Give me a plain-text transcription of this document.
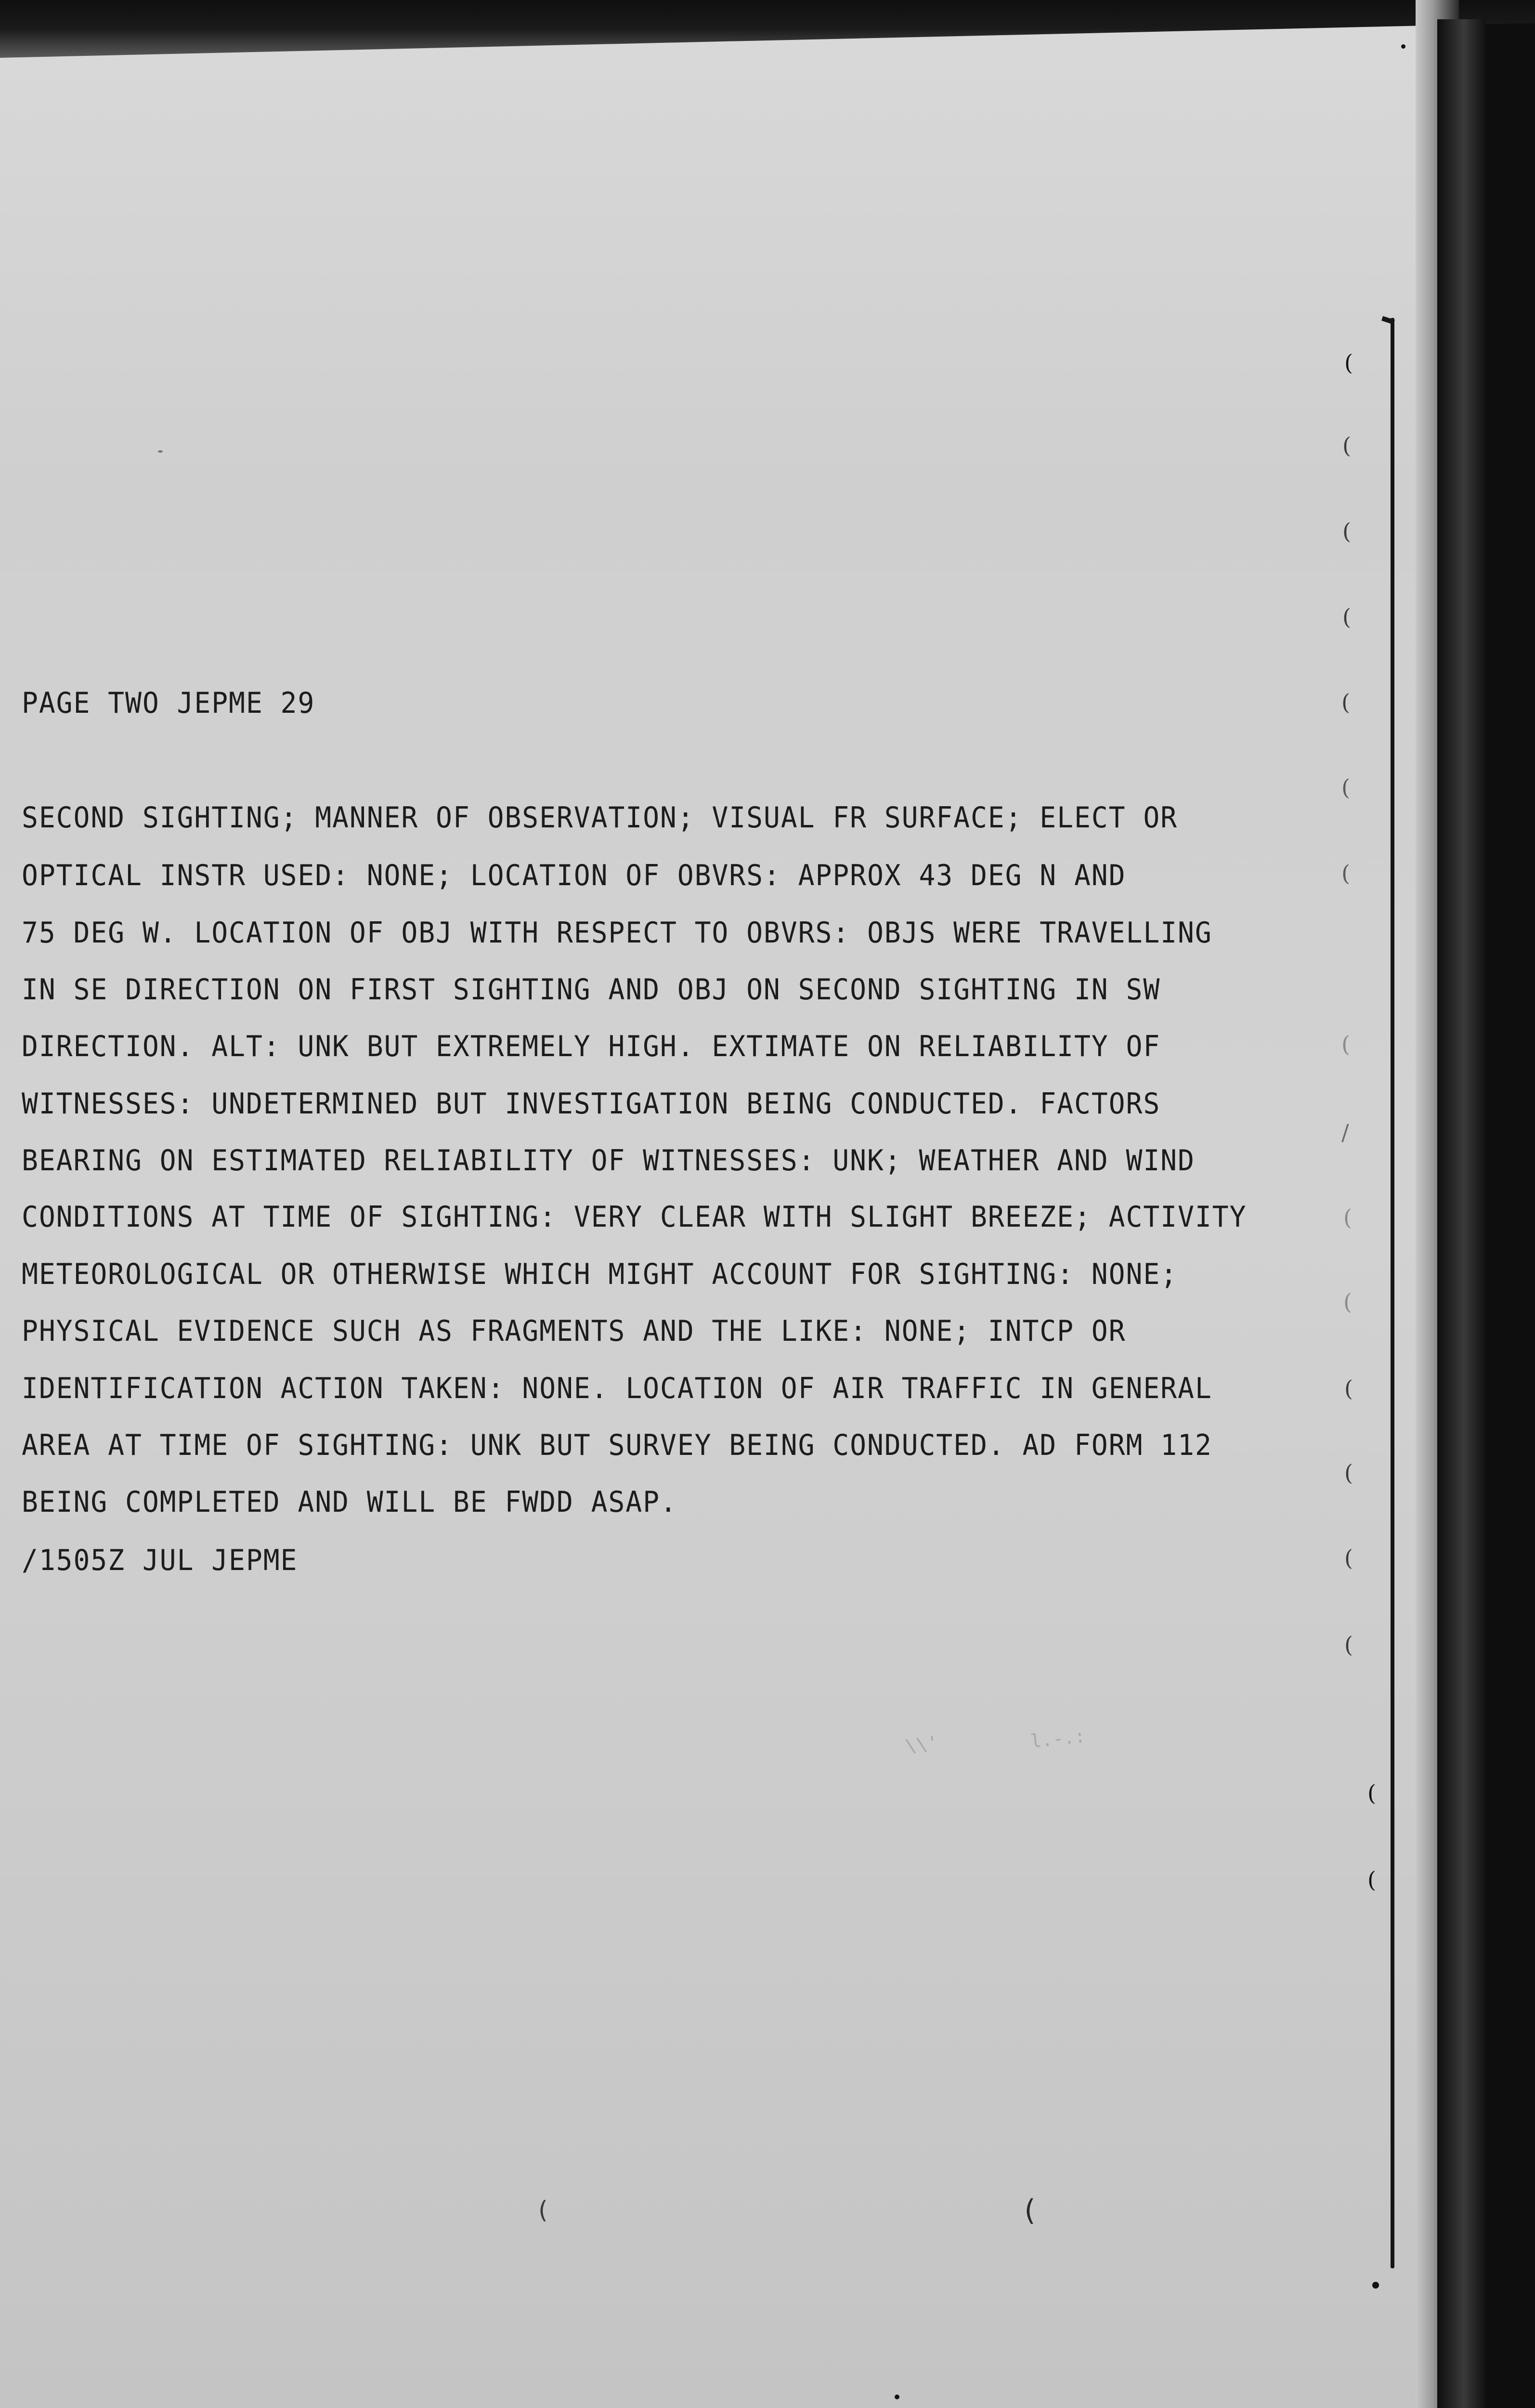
(
(
(
(
(
(
(
(
/
(
(
(
(
(
(
(
(
PAGE TWO JEPME 29
SECOND SIGHTING; MANNER OF OBSERVATION; VISUAL FR SURFACE; ELECT OR
OPTICAL INSTR USED: NONE; LOCATION OF OBVRS: APPROX 43 DEG N AND
75 DEG W. LOCATION OF OBJ WITH RESPECT TO OBVRS: OBJS WERE TRAVELLING
IN SE DIRECTION ON FIRST SIGHTING AND OBJ ON SECOND SIGHTING IN SW
DIRECTION. ALT: UNK BUT EXTREMELY HIGH. EXTIMATE ON RELIABILITY OF
WITNESSES: UNDETERMINED BUT INVESTIGATION BEING CONDUCTED. FACTORS
BEARING ON ESTIMATED RELIABILITY OF WITNESSES: UNK; WEATHER AND WIND
CONDITIONS AT TIME OF SIGHTING: VERY CLEAR WITH SLIGHT BREEZE; ACTIVITY
METEOROLOGICAL OR OTHERWISE WHICH MIGHT ACCOUNT FOR SIGHTING: NONE;
PHYSICAL EVIDENCE SUCH AS FRAGMENTS AND THE LIKE: NONE; INTCP OR
IDENTIFICATION ACTION TAKEN: NONE. LOCATION OF AIR TRAFFIC IN GENERAL
AREA AT TIME OF SIGHTING: UNK BUT SURVEY BEING CONDUCTED. AD FORM 112
BEING COMPLETED AND WILL BE FWDD ASAP.
/1505Z JUL JEPME
\\'	l.-.:
(
(
